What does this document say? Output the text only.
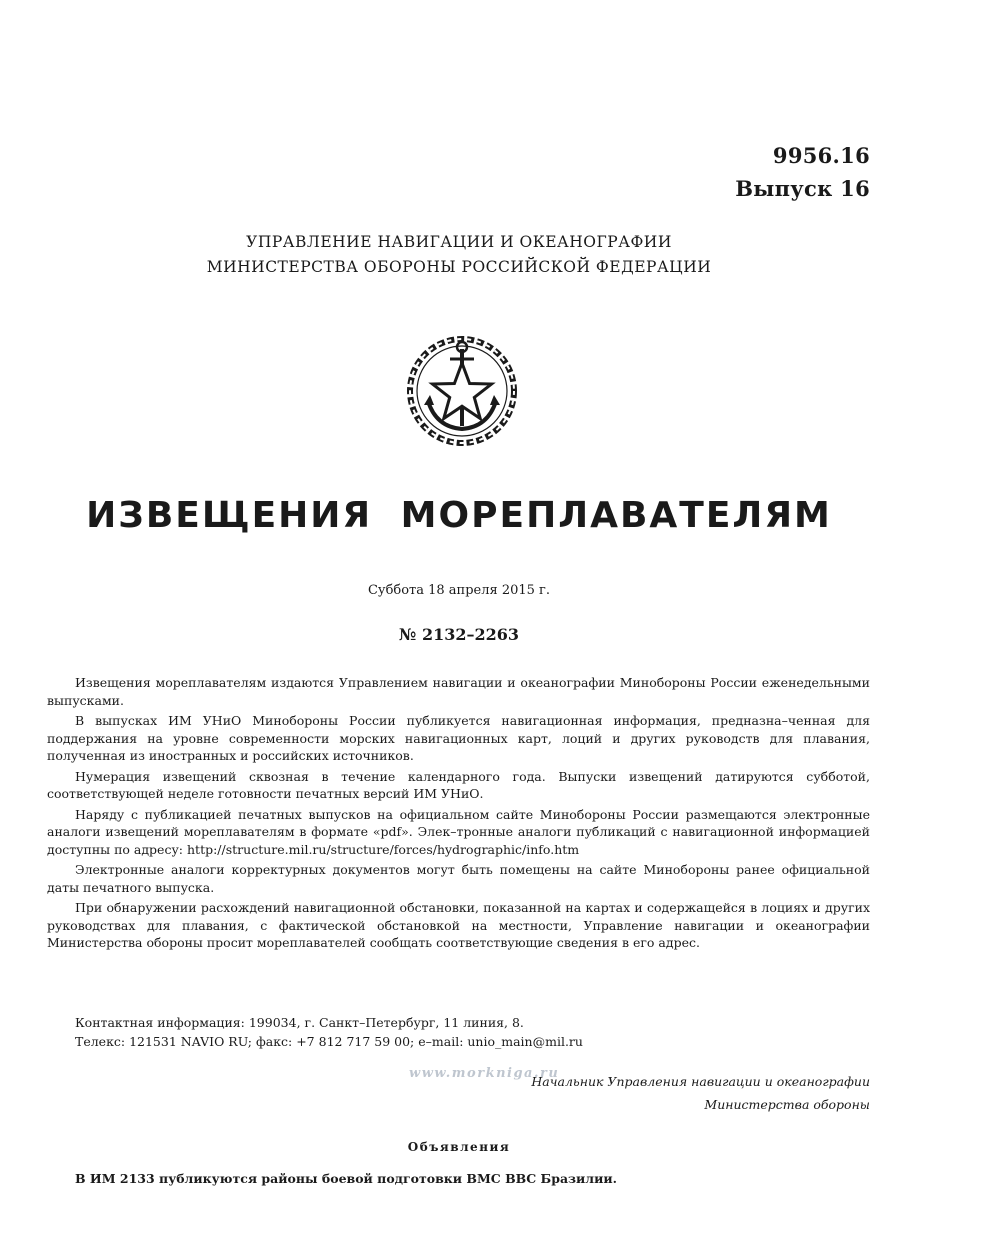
9956.16
Выпуск 16
УПРАВЛЕНИЕ НАВИГАЦИИ И ОКЕАНОГРАФИИ
МИНИСТЕРСТВА ОБОРОНЫ РОССИЙСКОЙ ФЕДЕРАЦИИ
ИЗВЕЩЕНИЯ МОРЕПЛАВАТЕЛЯМ
Суббота 18 апреля 2015 г.
№ 2132–2263

Извещения мореплавателям издаются Управлением навигации и океанографии Минобороны России еженедельными выпусками.

В выпусках ИМ УНиО Минобороны России публикуется навигационная информация, предназна–ченная для поддержания на уровне современности морских навигационных карт, лоций и других руководств для плавания, полученная из иностранных и российских источников.

Нумерация извещений сквозная в течение календарного года. Выпуски извещений датируются субботой, соответствующей неделе готовности печатных версий ИМ УНиО.

Наряду с публикацией печатных выпусков на официальном сайте Минобороны России размещаются электронные аналоги извещений мореплавателям в формате «pdf». Элек–тронные аналоги публикаций с навигационной информацией доступны по адресу: http://structure.mil.ru/structure/forces/hydrographic/info.htm

Электронные аналоги корректурных документов могут быть помещены на сайте Минобороны ранее официальной даты печатного выпуска.

При обнаружении расхождений навигационной обстановки, показанной на картах и содержащейся в лоциях и других руководствах для плавания, с фактической обстановкой на местности, Управление навигации и океанографии Министерства обороны просит мореплавателей сообщать соответствующие сведения в его адрес.

Контактная информация: 199034, г. Санкт–Петербург, 11 линия, 8.
Телекс: 121531 NAVIO RU; факс: +7 812 717 59 00; e–mail: unio_main@mil.ru
www.morkniga.ru
Начальник Управления навигации и океанографии
Министерства обороны
Объявления
В ИМ 2133 публикуются районы боевой подготовки ВМС ВВС Бразилии.
